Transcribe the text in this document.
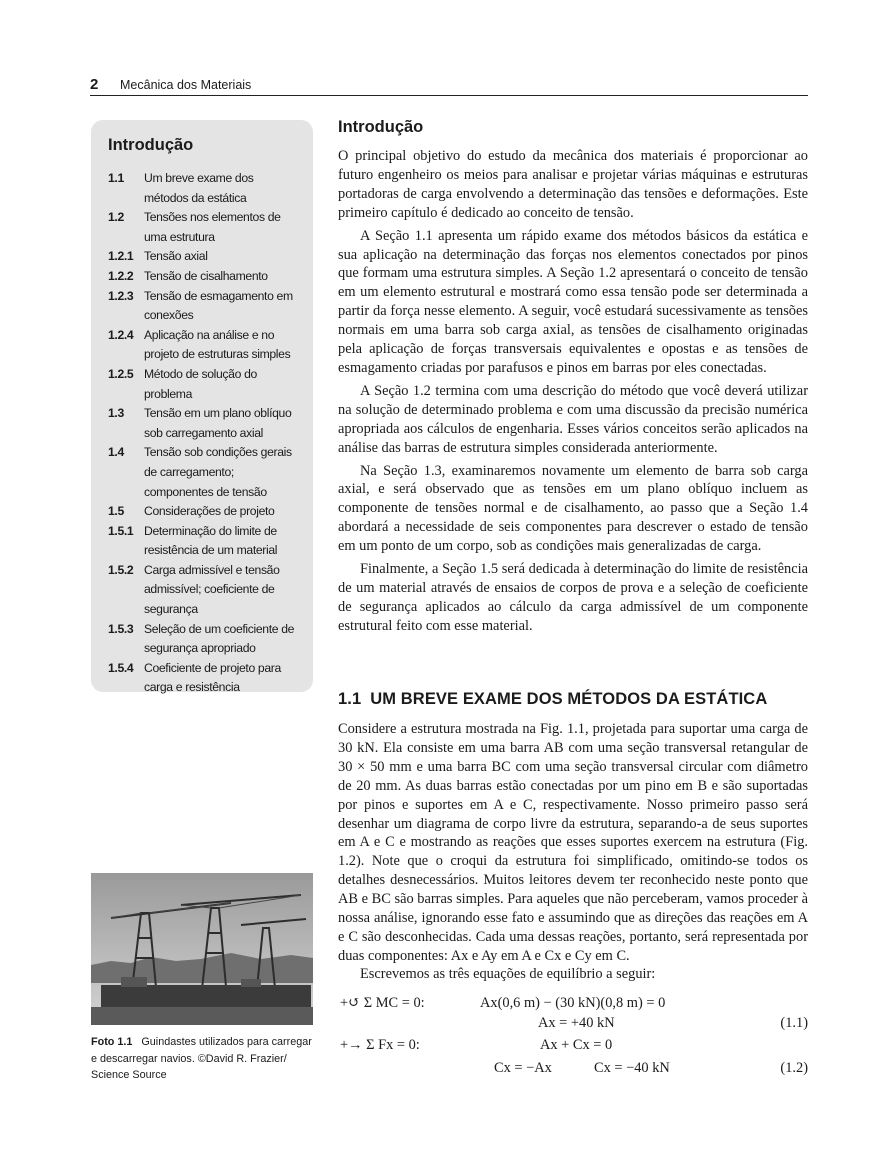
2 Mecânica dos Materiais
Introdução
1.1	Um breve exame dos métodos da estática
1.2	Tensões nos elementos de uma estrutura
1.2.1 Tensão axial
1.2.2 Tensão de cisalhamento
1.2.3 Tensão de esmagamento em conexões
1.2.4 Aplicação na análise e no projeto de estruturas simples
1.2.5 Método de solução do problema
1.3	Tensão em um plano oblíquo sob carregamento axial
1.4	Tensão sob condições gerais de carregamento; componentes de tensão
1.5	Considerações de projeto
1.5.1 Determinação do limite de resistência de um material
1.5.2 Carga admissível e tensão admissível; coeficiente de segurança
1.5.3 Seleção de um coeficiente de segurança apropriado
1.5.4 Coeficiente de projeto para carga e resistência
Foto 1.1 Guindastes utilizados para carregar e descarregar navios. ©David R. Frazier/ Science Source
Introdução

O principal objetivo do estudo da mecânica dos materiais é proporcionar ao futuro engenheiro os meios para analisar e projetar várias máquinas e estruturas portadoras de carga envolvendo a determinação das tensões e deformações. Este primeiro capítulo é dedicado ao conceito de tensão.

A Seção 1.1 apresenta um rápido exame dos métodos básicos da estática e sua aplicação na determinação das forças nos elementos conectados por pinos que formam uma estrutura simples. A Seção 1.2 apresentará o conceito de tensão em um elemento estrutural e mostrará como essa tensão pode ser determinada a partir da força nesse elemento. A seguir, você estudará sucessivamente as tensões normais em uma barra sob carga axial, as tensões de cisalhamento originadas pela aplicação de forças transversais equivalentes e opostas e as tensões de esmagamento criadas por parafusos e pinos em barras por eles conectadas.

A Seção 1.2 termina com uma descrição do método que você deverá utilizar na solução de determinado problema e com uma discussão da precisão numérica apropriada aos cálculos de engenharia. Esses vários conceitos serão aplicados na análise das barras de estrutura simples considerada anteriormente.

Na Seção 1.3, examinaremos novamente um elemento de barra sob carga axial, e será observado que as tensões em um plano oblíquo incluem as componente de tensões normal e de cisalhamento, ao passo que a Seção 1.4 abordará a necessidade de seis componentes para descrever o estado de tensão em um ponto de um corpo, sob as condições mais generalizadas de carga.

Finalmente, a Seção 1.5 será dedicada à determinação do limite de resistência de um material através de ensaios de corpos de prova e a seleção de coeficiente de segurança aplicados ao cálculo da carga admissível de um componente estrutural feito com esse material.

1.1 UM BREVE EXAME DOS MÉTODOS DA ESTÁTICA

Considere a estrutura mostrada na Fig. 1.1, projetada para suportar uma carga de 30 kN. Ela consiste em uma barra AB com uma seção transversal retangular de 30 × 50 mm e uma barra BC com uma seção transversal circular com diâmetro de 20 mm. As duas barras estão conectadas por um pino em B e são suportadas por pinos e suportes em A e C, respectivamente. Nosso primeiro passo será desenhar um diagrama de corpo livre da estrutura, separando-a de seus suportes em A e C e mostrando as reações que esses suportes exercem na estrutura (Fig. 1.2). Note que o croqui da estrutura foi simplificado, omitindo-se todos os detalhes desnecessários. Muitos leitores devem ter reconhecido neste ponto que AB e BC são barras simples. Para aqueles que não perceberam, vamos proceder à nossa análise, ignorando esse fato e assumindo que as direções das reações em A e C são desconhecidas. Cada uma dessas reações, portanto, será representada por duas componentes: Ax e Ay em A e Cx e Cy em C.

Escrevemos as três equações de equilíbrio a seguir:
+↺ Σ MC = 0:	Ax(0,6 m) − (30 kN)(0,8 m) = 0
Ax = +40 kN	(1.1)
+→ Σ Fx = 0:	Ax + Cx = 0
Cx = −Ax	Cx = −40 kN	(1.2)
